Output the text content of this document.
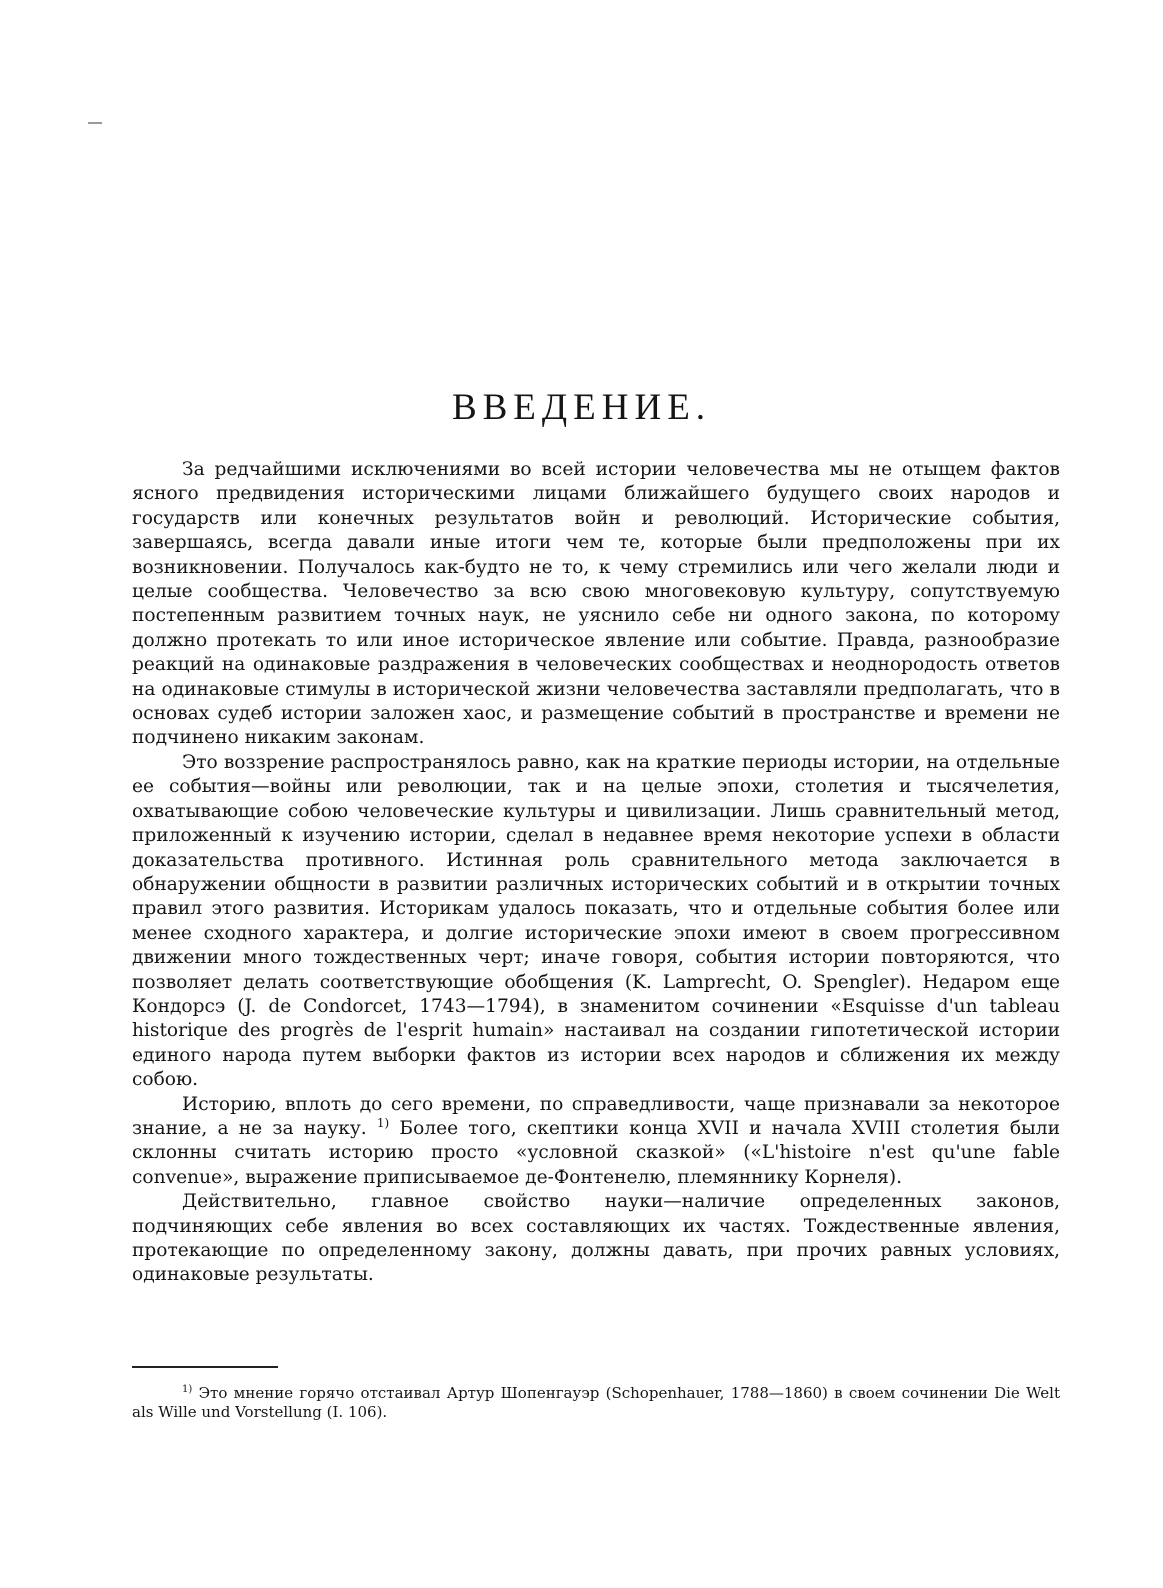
ВВЕДЕНИЕ.

За редчайшими исключениями во всей истории человечества мы не отыщем фактов ясного предвидения историческими лицами ближайшего будущего своих народов и государств или конечных результатов войн и революций. Исторические события, завершаясь, всегда давали иные итоги чем те, которые были предположены при их возникновении. Получалось как-будто не то, к чему стремились или чего желали люди и целые сообщества. Человечество за всю свою многовековую культуру, сопутствуемую постепенным развитием точных наук, не уяснило себе ни одного закона, по которому должно протекать то или иное историческое явление или событие. Правда, разнообразие реакций на одинаковые раздражения в человеческих сообществах и неоднородость ответов на одинаковые стимулы в исторической жизни человечества заставляли предполагать, что в основах судеб истории заложен хаос, и размещение событий в пространстве и времени не подчинено никаким законам.

Это воззрение распространялось равно, как на краткие периоды истории, на отдельные ее события—войны или революции, так и на целые эпохи, столетия и тысячелетия, охватывающие собою человеческие культуры и цивилизации. Лишь сравнительный метод, приложенный к изучению истории, сделал в недавнее время некоторие успехи в области доказательства противного. Истинная роль сравнительного метода заключается в обнаружении общности в развитии различных исторических событий и в открытии точных правил этого развития. Историкам удалось показать, что и отдельные события более или менее сходного характера, и долгие исторические эпохи имеют в своем прогрессивном движении много тождественных черт; иначе говоря, события истории повторяются, что позволяет делать соответствующие обобщения (K. Lamprecht, O. Spengler). Недаром еще Кондорсэ (J. de Condorcet, 1743—1794), в знаменитом сочинении «Esquisse d'un tableau historique des progrès de l'esprit humain» настаивал на создании гипотетической истории единого народа путем выборки фактов из истории всех народов и сближения их между собою.

Историю, вплоть до сего времени, по справедливости, чаще признавали за некоторое знание, а не за науку. $^{1)}$ Более того, скептики конца XVII и начала XVIII столетия были склонны считать историю просто «условной сказкой» («L'histoire n'est qu'une fable convenue», выражение приписываемое де-Фонтенелю, племяннику Корнеля).

Действительно, главное свойство науки—наличие определенных законов, подчиняющих себе явления во всех составляющих их частях. Тождественные явления, протекающие по определенному закону, должны давать, при прочих равных условиях, одинаковые результаты.

$^{1)}$ Это мнение горячо отстаивал Артур Шопенгауэр (Schopenhauer, 1788—1860) в своем сочинении Die Welt als Wille und Vorstellung (I. 106).
